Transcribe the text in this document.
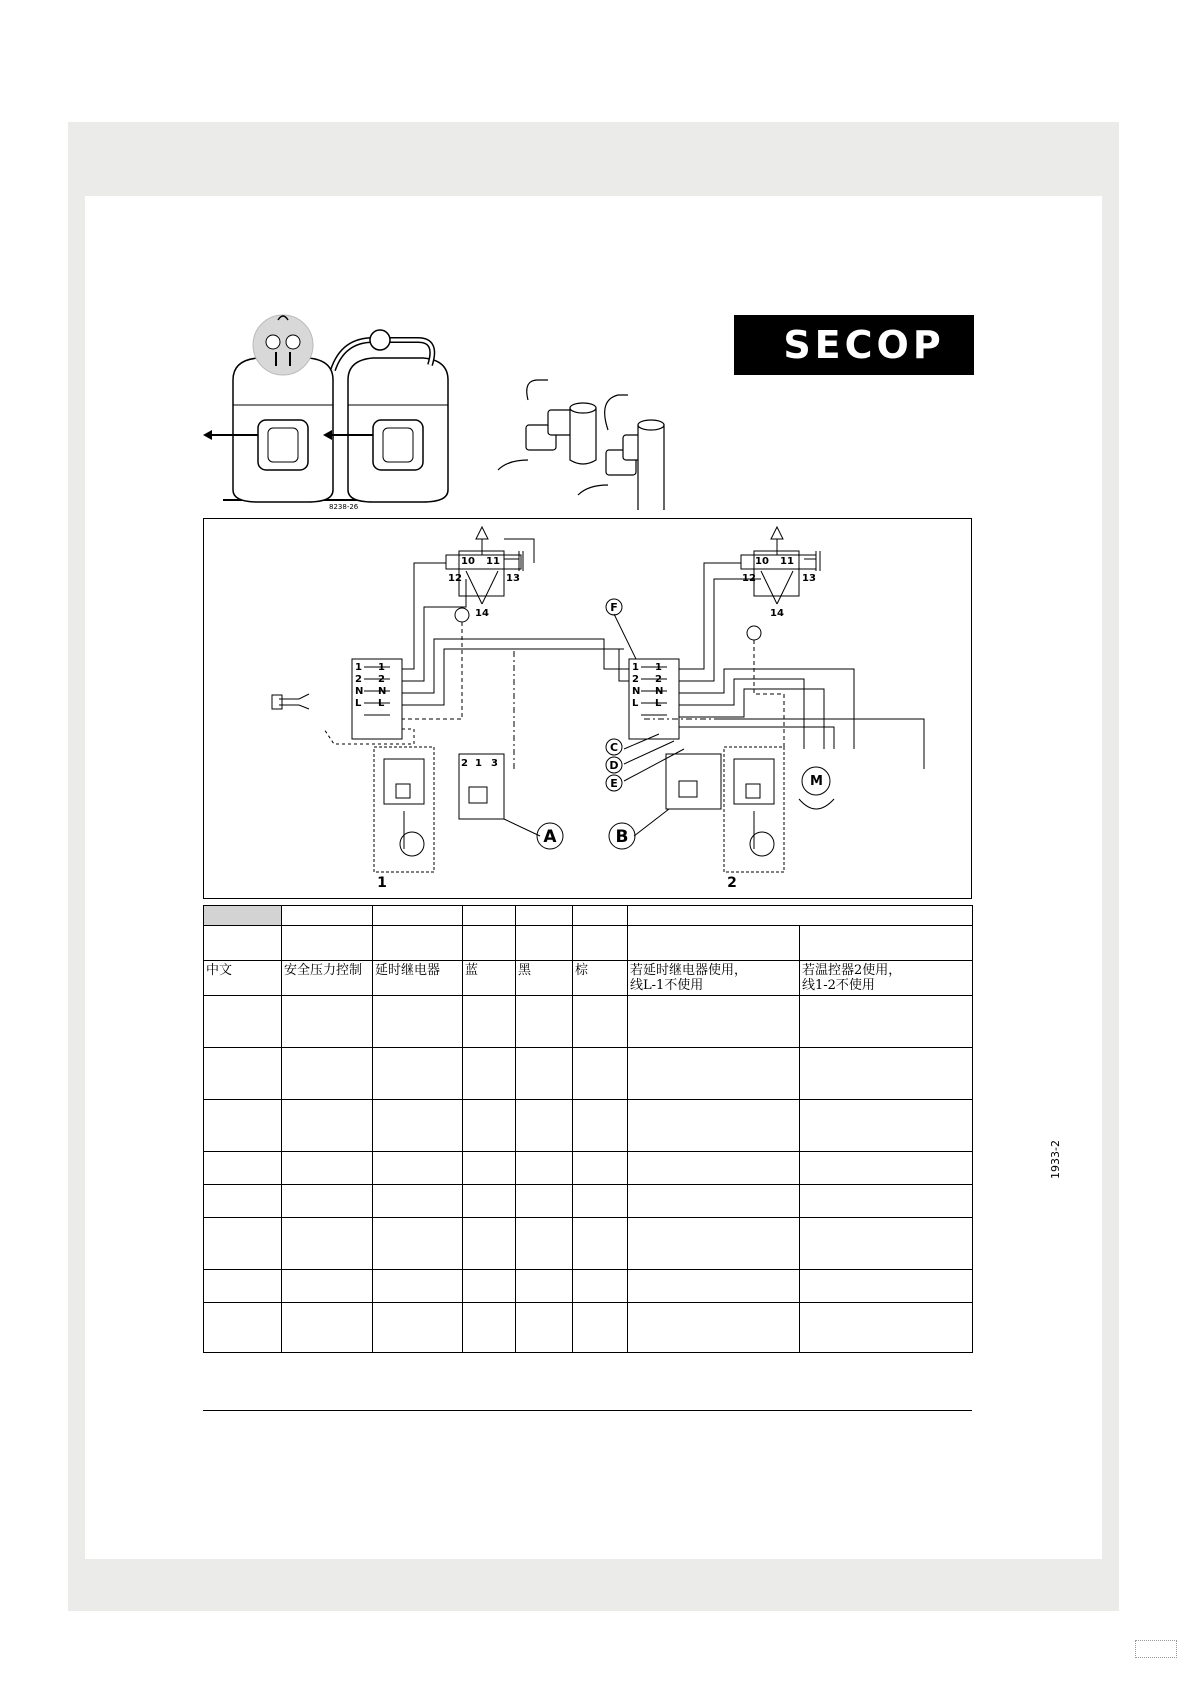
SECOP
8238-26
10 11
12	13
14
10 11
12	13
14
1 1
2 2
N N
L L
1 1
2 2
N N
L L
2 1 3
M
A	B
C
D
E
F
1	2
1933-2

中文	安全压力控制	延时继电器	蓝	黑	棕	若延时继电器使用，
线L-1不使用	若温控器2使用，
线1-2不使用
